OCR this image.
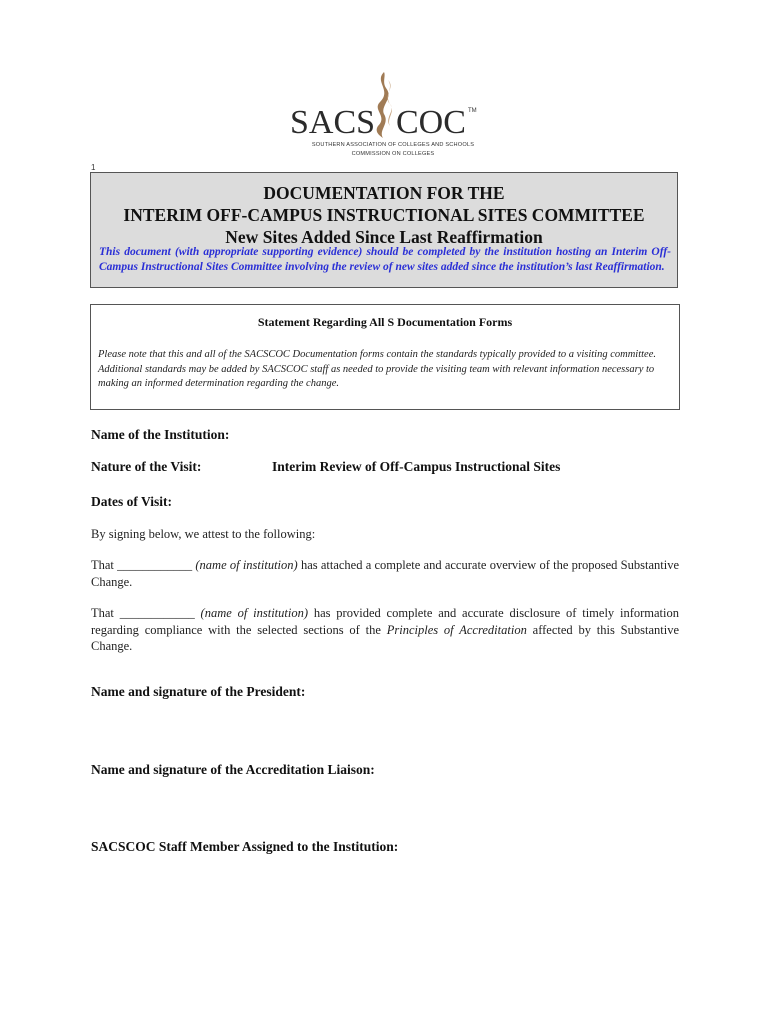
SACS COC TM
SOUTHERN ASSOCIATION OF COLLEGES AND SCHOOLS
COMMISSION ON COLLEGES
1
DOCUMENTATION FOR THE
INTERIM OFF-CAMPUS INSTRUCTIONAL SITES COMMITTEE
New Sites Added Since Last Reaffirmation
This document (with appropriate supporting evidence) should be completed by the institution hosting an Interim Off-Campus Instructional Sites Committee involving the review of new sites added since the institution’s last Reaffirmation.
Statement Regarding All S Documentation Forms
Please note that this and all of the SACSCOC Documentation forms contain the standards typically provided to a visiting committee. Additional standards may be added by SACSCOC staff as needed to provide the visiting team with relevant information necessary to making an informed determination regarding the change.
Name of the Institution:
Nature of the Visit:	Interim Review of Off-Campus Instructional Sites
Dates of Visit:
By signing below, we attest to the following:
That ____________ (name of institution) has attached a complete and accurate overview of the proposed Substantive Change.
That ____________ (name of institution) has provided complete and accurate disclosure of timely information regarding compliance with the selected sections of the Principles of Accreditation affected by this Substantive Change.
Name and signature of the President:
Name and signature of the Accreditation Liaison:
SACSCOC Staff Member Assigned to the Institution:
